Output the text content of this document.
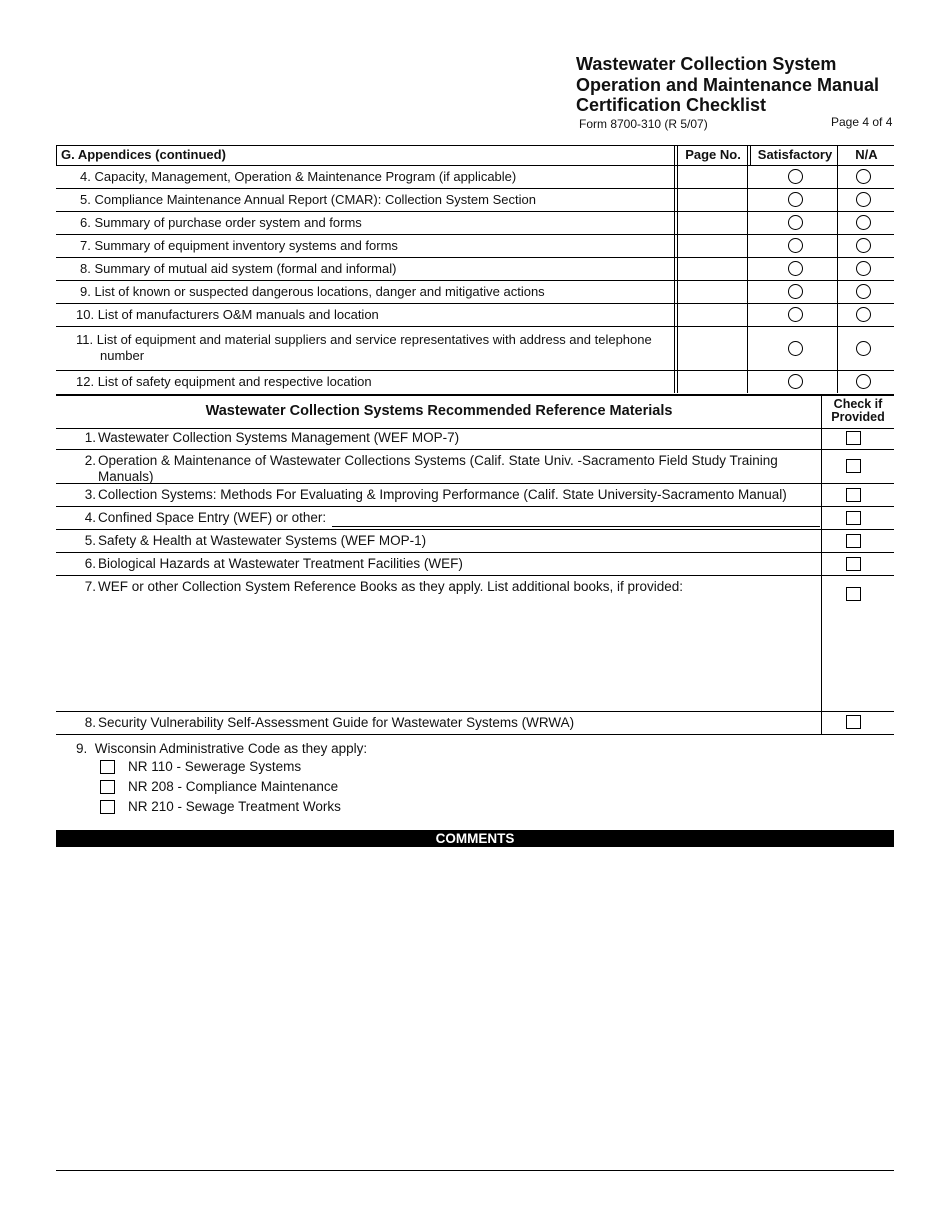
Wastewater Collection System
Operation and Maintenance Manual
Certification Checklist
Form 8700-310 (R 5/07)	Page 4 of 4
G. Appendices (continued)	Page No.	Satisfactory	N/A
4. Capacity, Management, Operation & Maintenance Program (if applicable)
5. Compliance Maintenance Annual Report (CMAR): Collection System Section
6. Summary of purchase order system and forms
7. Summary of equipment inventory systems and forms
8. Summary of mutual aid system (formal and informal)
9. List of known or suspected dangerous locations, danger and mitigative actions
10. List of manufacturers O&M manuals and location
11. List of equipment and material suppliers and service representatives with address and telephone number
12. List of safety equipment and respective location
Wastewater Collection Systems Recommended Reference Materials	Check if
Provided
1. Wastewater Collection Systems Management (WEF MOP-7)
2. Operation & Maintenance of Wastewater Collections Systems (Calif. State Univ. -Sacramento Field Study Training Manuals)
3. Collection Systems: Methods For Evaluating & Improving Performance (Calif. State University-Sacramento Manual)
4. Confined Space Entry (WEF) or other:
5. Safety & Health at Wastewater Systems (WEF MOP-1)
6. Biological Hazards at Wastewater Treatment Facilities (WEF)
7. WEF or other Collection System Reference Books as they apply. List additional books, if provided:
8. Security Vulnerability Self-Assessment Guide for Wastewater Systems (WRWA)
9. Wisconsin Administrative Code as they apply:
NR 110 - Sewerage Systems
NR 208 - Compliance Maintenance
NR 210 - Sewage Treatment Works
COMMENTS
